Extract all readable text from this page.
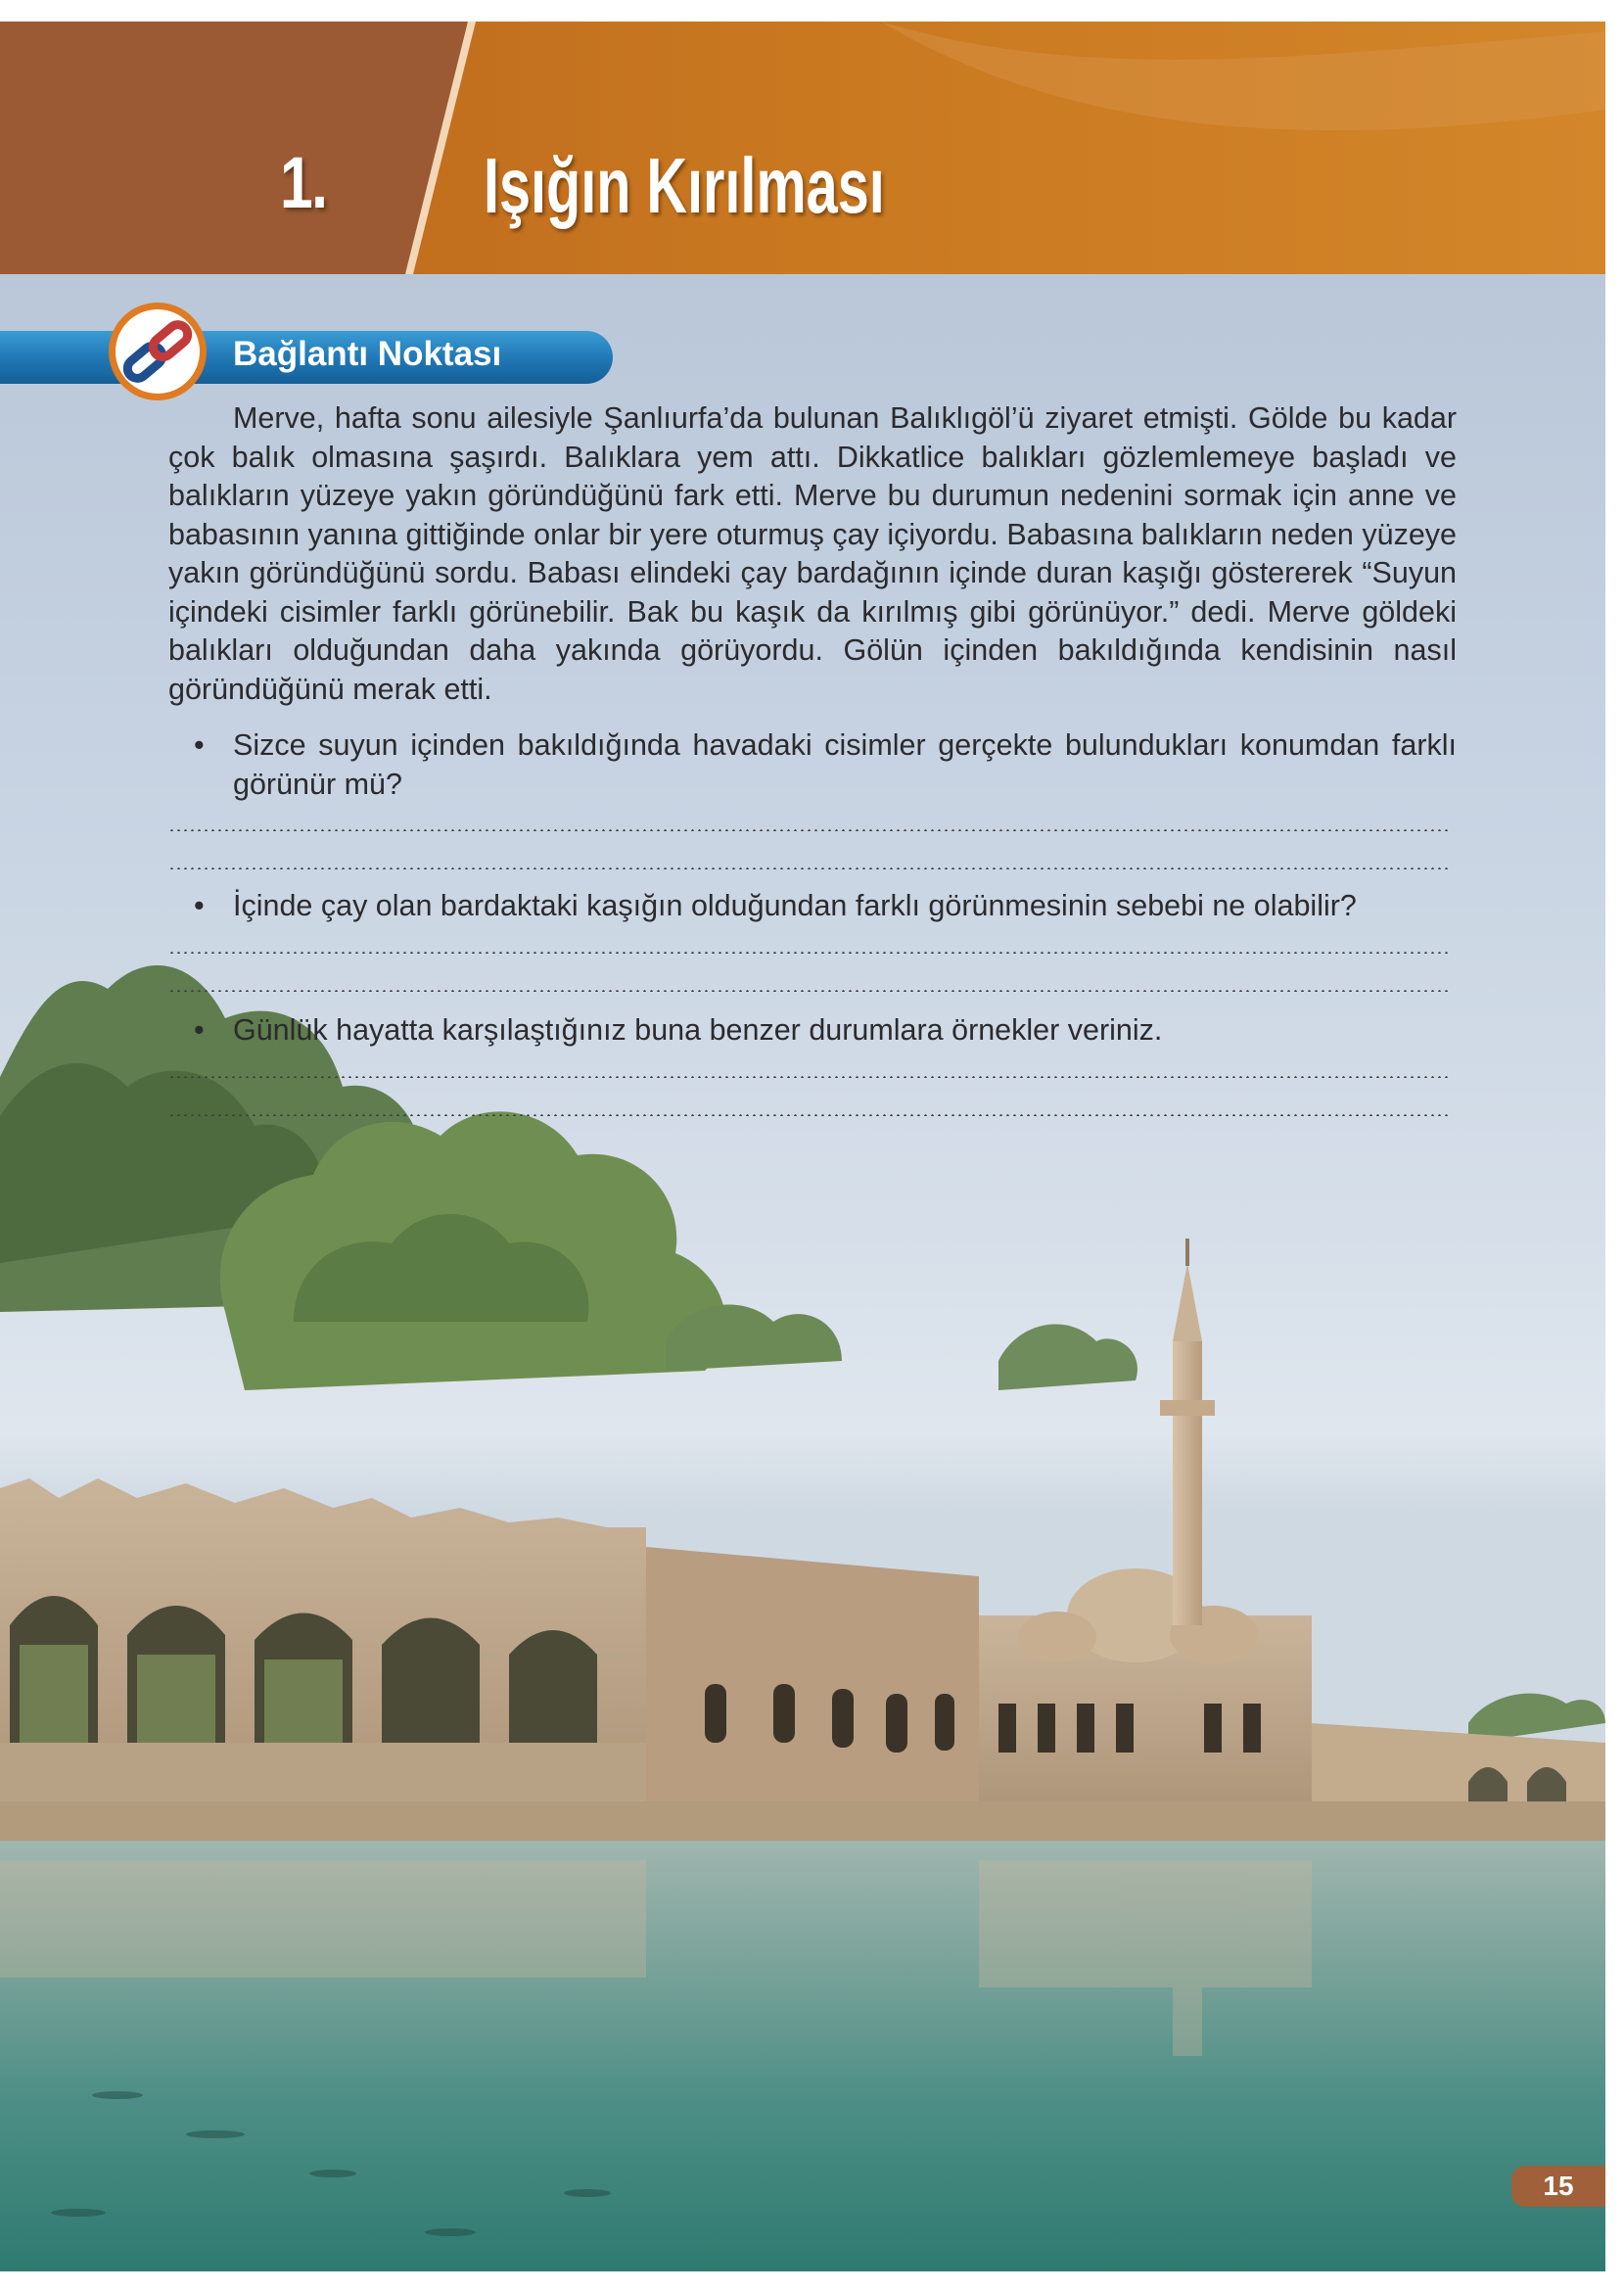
1. Işığın Kırılması
Bağlantı Noktası

Merve, hafta sonu ailesiyle Şanlıurfa’da bulunan Balıklıgöl’ü ziyaret etmişti. Gölde bu kadar çok balık olmasına şaşırdı. Balıklara yem attı. Dikkatlice balıkları gözlemlemeye başladı ve balıkların yüzeye yakın göründüğünü fark etti. Merve bu durumun nedenini sormak için anne ve babasının yanına gittiğinde onlar bir yere oturmuş çay içiyordu. Babasına balıkların neden yüzeye yakın göründüğünü sordu. Babası elindeki çay bardağının içinde duran kaşığı göstererek “Suyun içindeki cisimler farklı görünebilir. Bak bu kaşık da kırılmış gibi görünüyor.” dedi. Merve göldeki balıkları olduğundan daha yakında görüyordu. Gölün içinden bakıldığında kendisinin nasıl göründüğünü merak etti.

• Sizce suyun içinden bakıldığında havadaki cisimler gerçekte bulundukları konumdan farklı görünür mü?
• İçinde çay olan bardaktaki kaşığın olduğundan farklı görünmesinin sebebi ne olabilir?
• Günlük hayatta karşılaştığınız buna benzer durumlara örnekler veriniz.
15
